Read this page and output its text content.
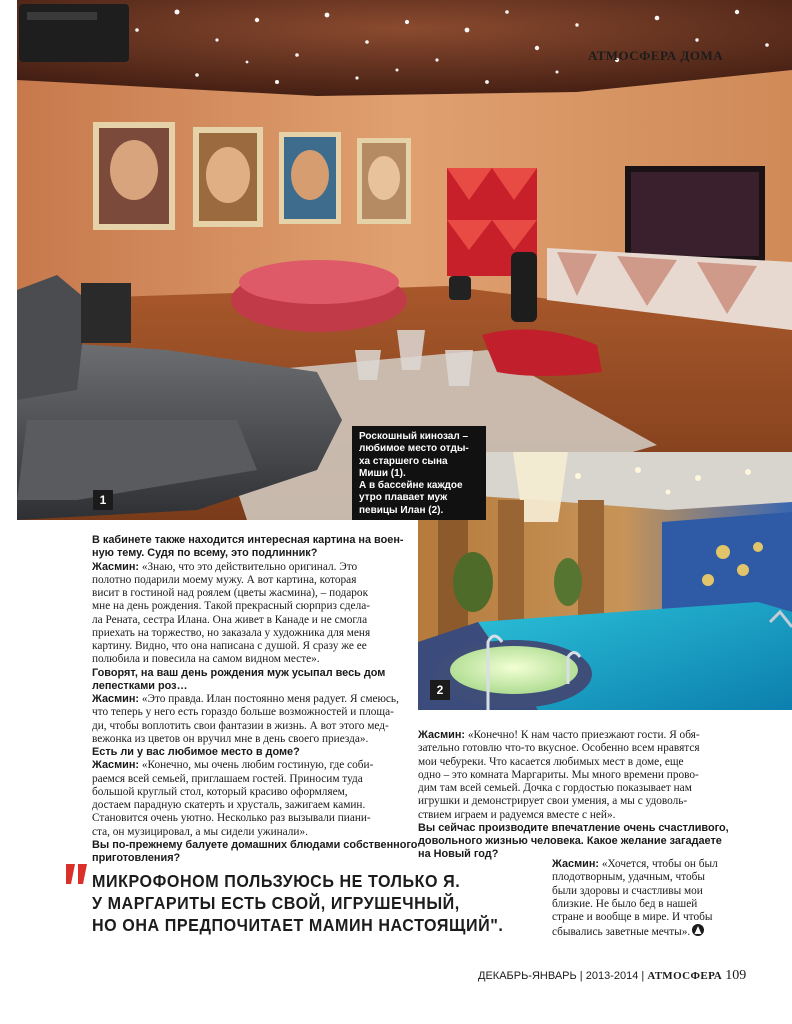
АТМОСФЕРА ДОМА
1
2
Роскошный кинозал –
любимое место отды-
ха старшего сына
Миши (1).
А в бассейне каждое
утро плавает муж
певицы Илан (2).
В кабинете также находится интересная картина на воен-
ную тему. Судя по всему, это подлинник?
Жасмин: «Знаю, что это действительно оригинал. Это
полотно подарили моему мужу. А вот картина, которая
висит в гостиной над роялем (цветы жасмина), – подарок
мне на день рождения. Такой прекрасный сюрприз сдела-
ла Рената, сестра Илана. Она живет в Канаде и не смогла
приехать на торжество, но заказала у художника для меня
картину. Видно, что она написана с душой. Я сразу же ее
полюбила и повесила на самом видном месте».
Говорят, на ваш день рождения муж усыпал весь дом
лепестками роз…
Жасмин: «Это правда. Илан постоянно меня радует. Я смеюсь,
что теперь у него есть гораздо больше возможностей и площа-
ди, чтобы воплотить свои фантазии в жизнь. А вот этого мед-
вежонка из цветов он вручил мне в день своего приезда».
Есть ли у вас любимое место в доме?
Жасмин: «Конечно, мы очень любим гостиную, где соби-
раемся всей семьей, приглашаем гостей. Приносим туда
большой круглый стол, который красиво оформляем,
достаем парадную скатерть и хрусталь, зажигаем камин.
Становится очень уютно. Несколько раз вызывали пиани-
ста, он музицировал, а мы сидели ужинали».
Вы по-прежнему балуете домашних блюдами собственного
приготовления?
Жасмин: «Конечно! К нам часто приезжают гости. Я обя-
зательно готовлю что-то вкусное. Особенно всем нравятся
мои чебуреки. Что касается любимых мест в доме, еще
одно – это комната Маргариты. Мы много времени прово-
дим там всей семьей. Дочка с гордостью показывает нам
игрушки и демонстрирует свои умения, а мы с удоволь-
ствием играем и радуемся вместе с ней».
Вы сейчас производите впечатление очень счастливого,
довольного жизнью человека. Какое желание загадаете
на Новый год?
Жасмин: «Хочется, чтобы он был
плодотворным, удачным, чтобы
были здоровы и счастливы мои
близкие. Не было бед в нашей
стране и вообще в мире. И чтобы
сбывались заветные мечты».
МИКРОФОНОМ ПОЛЬЗУЮСЬ НЕ ТОЛЬКО Я.
У МАРГАРИТЫ ЕСТЬ СВОЙ, ИГРУШЕЧНЫЙ,
НО ОНА ПРЕДПОЧИТАЕТ МАМИН НАСТОЯЩИЙ".
ДЕКАБРЬ-ЯНВАРЬ | 2013-2014 | АТМОСФЕРА 109
